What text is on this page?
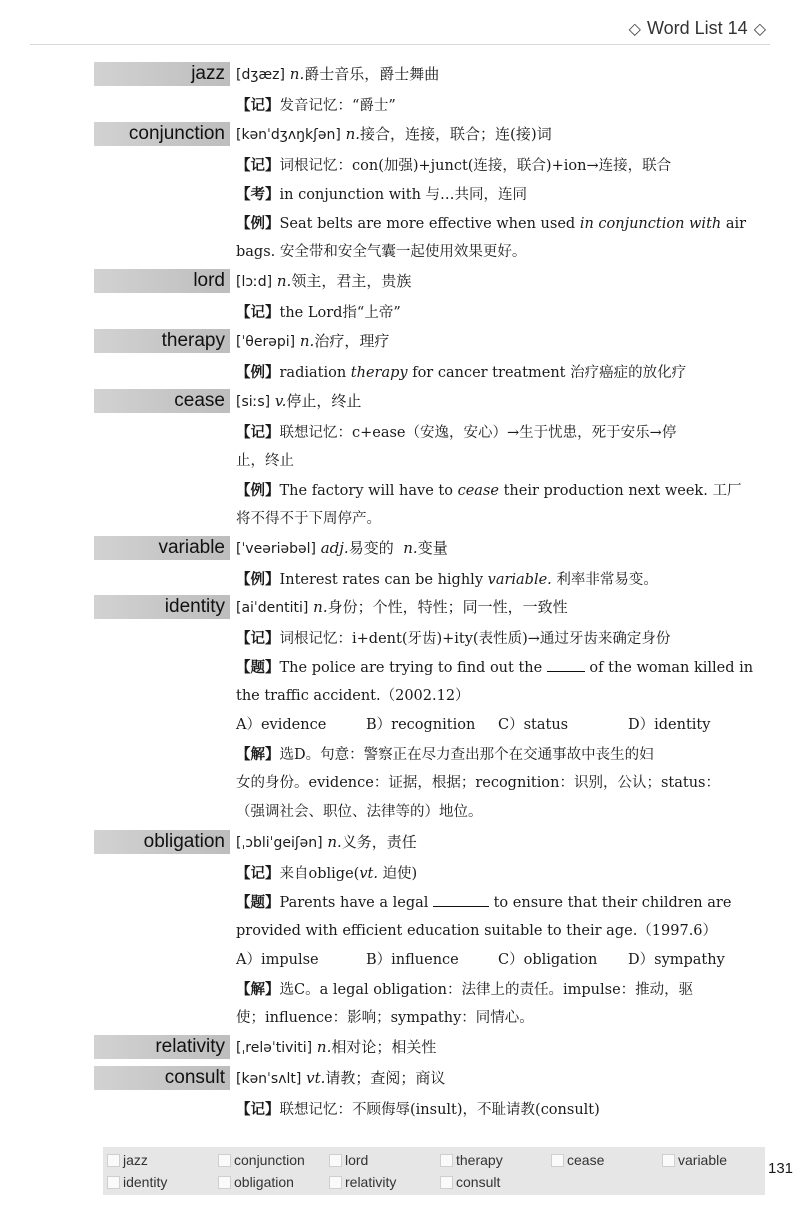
◇ Word List 14 ◇
jazz [dʒæz] n.爵士音乐，爵士舞曲
【记】发音记忆：“爵士”
conjunction [kənˈdʒʌŋkʃən] n.接合，连接，联合；连(接)词
【记】词根记忆：con(加强)+junct(连接，联合)+ion→连接，联合
【考】in conjunction with 与…共同，连同
【例】Seat belts are more effective when used in conjunction with air
bags. 安全带和安全气囊一起使用效果更好。
lord [lɔːd] n.领主，君主，贵族
【记】the Lord指“上帝”
therapy [ˈθerəpi] n.治疗，理疗
【例】radiation therapy for cancer treatment 治疗癌症的放化疗
cease [siːs] v.停止，终止
【记】联想记忆：c+ease（安逸，安心）→生于忧患，死于安乐→停
止，终止
【例】The factory will have to cease their production next week. 工厂
将不得不于下周停产。
variable [ˈveəriəbəl] adj.易变的 n.变量
【例】Interest rates can be highly variable. 利率非常易变。
identity [aiˈdentiti] n.身份；个性，特性；同一性，一致性
【记】词根记忆：i+dent(牙齿)+ity(表性质)→通过牙齿来确定身份
【题】The police are trying to find out the	of the woman killed in
the traffic accident.（2002.12）
A）evidence	B）recognition C）status	D）identity
【解】选D。句意：警察正在尽力查出那个在交通事故中丧生的妇
女的身份。evidence：证据，根据；recognition：识别，公认；status：
（强调社会、职位、法律等的）地位。
obligation [ˌɔbliˈgeiʃən] n.义务，责任
【记】来自oblige(vt. 迫使)
【题】Parents have a legal	to ensure that their children are
provided with efficient education suitable to their age.（1997.6）
A）impulse	B）influence	C）obligation D）sympathy
【解】选C。a legal obligation：法律上的责任。impulse：推动，驱
使；influence：影响；sympathy：同情心。
relativity [ˌreləˈtiviti] n.相对论；相关性
consult [kənˈsʌlt] vt.请教；查阅；商议
【记】联想记忆：不顾侮辱(insult)，不耻请教(consult)
jazz	conjunction	lord	therapy	cease	variable
identity	obligation	relativity	consult
131
